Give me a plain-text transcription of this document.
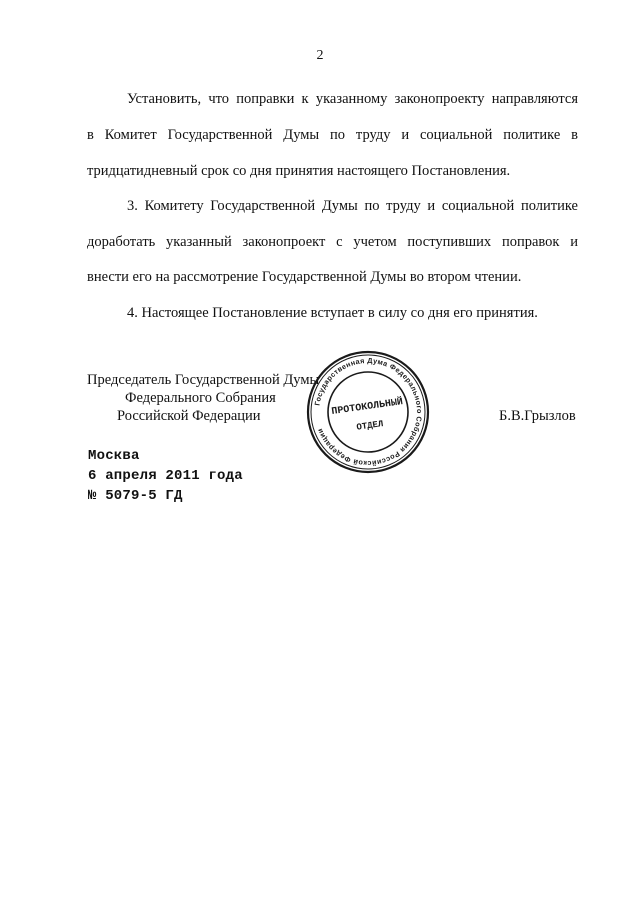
2
Установить, что поправки к указанному законопроекту направляются
в Комитет Государственной Думы по труду и социальной политике в
тридцатидневный срок со дня принятия настоящего Постановления.
3. Комитету Государственной Думы по труду и социальной политике
доработать указанный законопроект с учетом поступивших поправок и
внести его на рассмотрение Государственной Думы во втором чтении.
4. Настоящее Постановление вступает в силу со дня его принятия.
Председатель Государственной Думы
Федерального Собрания
Российской Федерации	Б.В.Грызлов
Государственная Дума Федерального Собрания Российской Федерации
ПРОТОКОЛЬНЫЙ
ОТДЕЛ
Москва
6 апреля 2011 года
№ 5079-5 ГД
